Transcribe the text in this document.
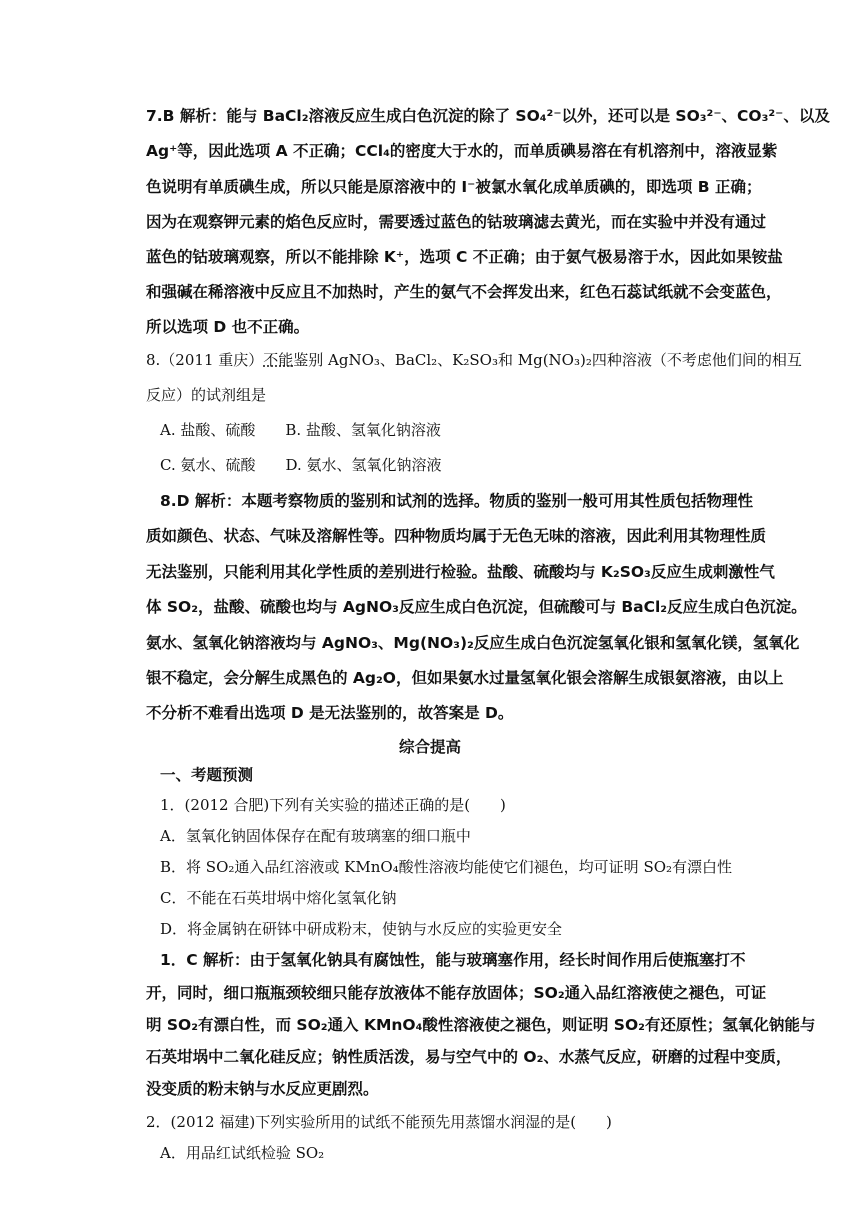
7.B 解析：能与 BaCl₂溶液反应生成白色沉淀的除了 SO₄²⁻以外，还可以是 SO₃²⁻、CO₃²⁻、以及
Ag⁺等，因此选项 A 不正确；CCl₄的密度大于水的，而单质碘易溶在有机溶剂中，溶液显紫
色说明有单质碘生成，所以只能是原溶液中的 I⁻被氯水氧化成单质碘的，即选项 B 正确；
因为在观察钾元素的焰色反应时，需要透过蓝色的钴玻璃滤去黄光，而在实验中并没有通过
蓝色的钴玻璃观察，所以不能排除 K⁺，选项 C 不正确；由于氨气极易溶于水，因此如果铵盐
和强碱在稀溶液中反应且不加热时，产生的氨气不会挥发出来，红色石蕊试纸就不会变蓝色，
所以选项 D 也不正确。
8.（2011 重庆）不能鉴别 AgNO₃、BaCl₂、K₂SO₃和 Mg(NO₃)₂四种溶液（不考虑他们间的相互
反应）的试剂组是
A. 盐酸、硫酸　　B. 盐酸、氢氧化钠溶液
C. 氨水、硫酸　　D. 氨水、氢氧化钠溶液
8.D 解析：本题考察物质的鉴别和试剂的选择。物质的鉴别一般可用其性质包括物理性
质如颜色、状态、气味及溶解性等。四种物质均属于无色无味的溶液，因此利用其物理性质
无法鉴别，只能利用其化学性质的差别进行检验。盐酸、硫酸均与 K₂SO₃反应生成刺激性气
体 SO₂，盐酸、硫酸也均与 AgNO₃反应生成白色沉淀，但硫酸可与 BaCl₂反应生成白色沉淀。
氨水、氢氧化钠溶液均与 AgNO₃、Mg(NO₃)₂反应生成白色沉淀氢氧化银和氢氧化镁，氢氧化
银不稳定，会分解生成黑色的 Ag₂O，但如果氨水过量氢氧化银会溶解生成银氨溶液，由以上
不分析不难看出选项 D 是无法鉴别的，故答案是 D。
综合提高
一、考题预测
1．(2012 合肥)下列有关实验的描述正确的是(　　)
A．氢氧化钠固体保存在配有玻璃塞的细口瓶中
B．将 SO₂通入品红溶液或 KMnO₄酸性溶液均能使它们褪色，均可证明 SO₂有漂白性
C．不能在石英坩埚中熔化氢氧化钠
D．将金属钠在研钵中研成粉末，使钠与水反应的实验更安全
1．C 解析：由于氢氧化钠具有腐蚀性，能与玻璃塞作用，经长时间作用后使瓶塞打不
开，同时，细口瓶瓶颈较细只能存放液体不能存放固体；SO₂通入品红溶液使之褪色，可证
明 SO₂有漂白性，而 SO₂通入 KMnO₄酸性溶液使之褪色，则证明 SO₂有还原性；氢氧化钠能与
石英坩埚中二氧化硅反应；钠性质活泼，易与空气中的 O₂、水蒸气反应，研磨的过程中变质，
没变质的粉末钠与水反应更剧烈。
2．(2012 福建)下列实验所用的试纸不能预先用蒸馏水润湿的是(　　)
A．用品红试纸检验 SO₂
